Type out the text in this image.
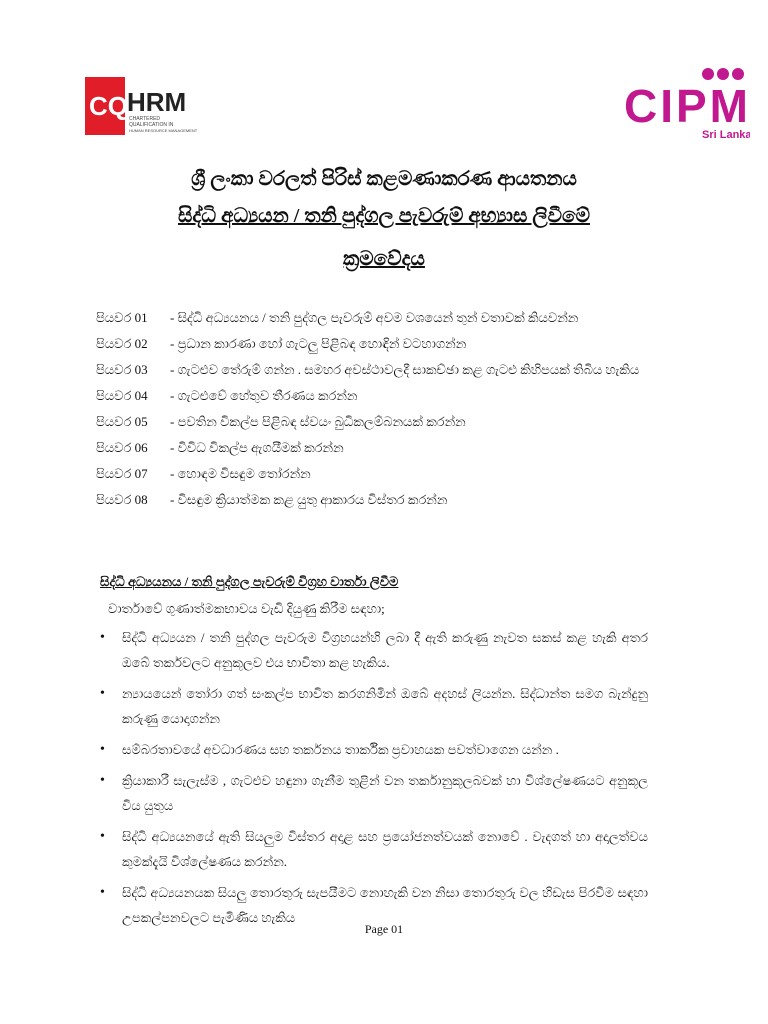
CQ HRM
CHARTERED
QUALIFICATION IN
HUMAN RESOURCE MANAGEMENT	CIPM
Sri Lanka
ශ්‍රී ලංකා වරලත් පිරිස් කළමණාකරණ ආයතනය
සිද්ධි අධ්‍යයන / තනි පුද්ගල පැවරුම් අභ්‍යාස ලිවීමේ
ක්‍රමවේදය
පියවර 01	- සිද්ධි අධ්‍යයනය / තනි පුද්ගල පැවරුම් අවම වශයෙන් තුන් වතාවක් කියවන්න
පියවර 02	- ප්‍රධාන කාරණා හෝ ගැටලු පිළිබඳ හොඳින් වටහාගන්න
පියවර 03	- ගැටළුව තේරුම් ගන්න . සමහර අවස්ථාවලදී සාකච්ඡා කළ ගැටළු කිහිපයක් තිබිය හැකිය
පියවර 04	- ගැටළුවේ හේතුව තීරණය කරන්න
පියවර 05	- පවතින විකල්ප පිළිබඳ ස්වයං බුධිකලම්බනයක් කරන්න
පියවර 06	- විවිධ විකල්ප ඇගයීමක් කරන්න
පියවර 07	- හොඳම විසඳුම තෝරන්න
පියවර 08	- විසඳුම ක්‍රියාත්මක කළ යුතු ආකාරය විස්තර කරන්න
සිද්ධි අධ්‍යයනය / තනි පුද්ගල පැවරුම් විග්‍රහ වාර්තා ලිවීම
වාර්තාවේ ගුණාත්මකභාවය වැඩි දියුණු කිරීම සඳහා;
•	සිද්ධි අධ්‍යයන / තනි පුද්ගල පැවරුම විග්‍රහයන්හි ලබා දී ඇති කරුණු නැවත සකස් කළ හැකි අතර ඔබේ තර්කවලට අනුකූලව එය භාවිතා කළ හැකිය.
•	න්‍යායයෙන් තෝරා ගත් සංකල්ප භාවිත කරගනිමින් ඔබේ අදහස් ලියන්න. සිද්ධාන්ත සමග බැන්දුනු කරුණු යොදාගන්න
•	සම්බරතාවයේ අවධාරණය සහ තර්කනය තාර්කික ප්‍රවාහයක පවත්වාගෙන යන්න .
•	ක්‍රියාකාරී සැලැස්ම , ගැටළුව හඳුනා ගැනීම තුළින් වන තර්කානුකූලබවක් හා විශ්ලේෂණයට අනුකූල විය යුතුය
•	සිද්ධි අධ්‍යයනයේ ඇති සියලුම විස්තර අදාළ සහ ප්‍රයෝජනත්වයක් නොවේ . වැදගත් හා අදාලත්වය කුමක්දැයි විශ්ලේෂණය කරන්න.
•	සිද්ධි අධ්‍යයනයක සියලු තොරතුරු සැපයීමට නොහැකි වන නිසා තොරතුරු වල හිඩැස පිරවීම සඳහා උපකල්පනවලට පැමිණිය හැකිය
Page 01
